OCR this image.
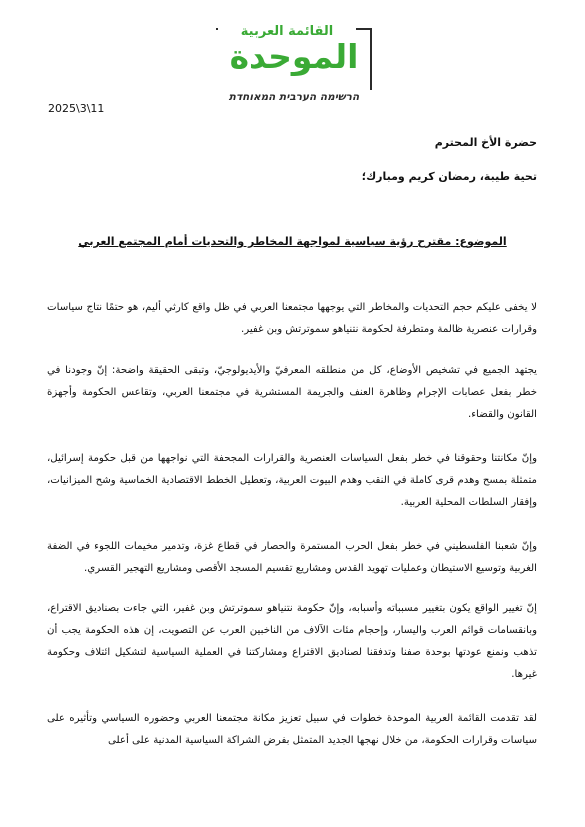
القائمة العربية
الموحدة
הרשימה הערבית המאוחדת
2025\3\11
حضرة الأخ المحترم
تحية طيبة، رمضان كريم ومبارك؛
الموضوع: مقترح رؤية سياسية لمواجهة المخاطر والتحديات أمام المجتمع العربي
لا يخفى عليكم حجم التحديات والمخاطر التي يوجهها مجتمعنا العربي في ظل واقع كارثي أليم، هو حتمًا نتاج سياسات وقرارات عنصرية ظالمة ومتطرفة لحكومة نتنياهو سموترتش وبن غفير.
يجتهد الجميع في تشخيص الأوضاع، كل من منطلقه المعرفيّ والأيديولوجيّ، وتبقى الحقيقة واضحة: إنّ وجودنا في خطر بفعل عصابات الإجرام وظاهرة العنف والجريمة المستشرية في مجتمعنا العربي، وتقاعس الحكومة وأجهزة القانون والقضاء.
وإنّ مكانتنا وحقوقنا في خطر بفعل السياسات العنصرية والقرارات المجحفة التي نواجهها من قبل حكومة إسرائيل، متمثلة بمسح وهدم قرى كاملة في النقب وهدم البيوت العربية، وتعطيل الخطط الاقتصادية الخماسية وشح الميزانيات، وإفقار السلطات المحلية العربية.
وإنّ شعبنا الفلسطيني في خطر بفعل الحرب المستمرة والحصار في قطاع غزة، وتدمير مخيمات اللجوء في الضفة الغربية وتوسيع الاستيطان وعمليات تهويد القدس ومشاريع تقسيم المسجد الأقصى ومشاريع التهجير القسري.
إنّ تغيير الواقع يكون بتغيير مسبباته وأسبابه، وإنّ حكومة نتنياهو سموترتش وبن غفير، التي جاءت بصناديق الاقتراع، وبانقسامات قوائم العرب واليسار، وإحجام مئات الآلاف من الناخبين العرب عن التصويت، إن هذه الحكومة يجب أن تذهب ونمنع عودتها بوحدة صفنا وتدفقنا لصناديق الاقتراع ومشاركتنا في العملية السياسية لتشكيل ائتلاف وحكومة غيرها.
لقد تقدمت القائمة العربية الموحدة خطوات في سبيل تعزيز مكانة مجتمعنا العربي وحضوره السياسي وتأثيره على سياسات وقرارات الحكومة، من خلال نهجها الجديد المتمثل بفرض الشراكة السياسية المدنية على أعلى
